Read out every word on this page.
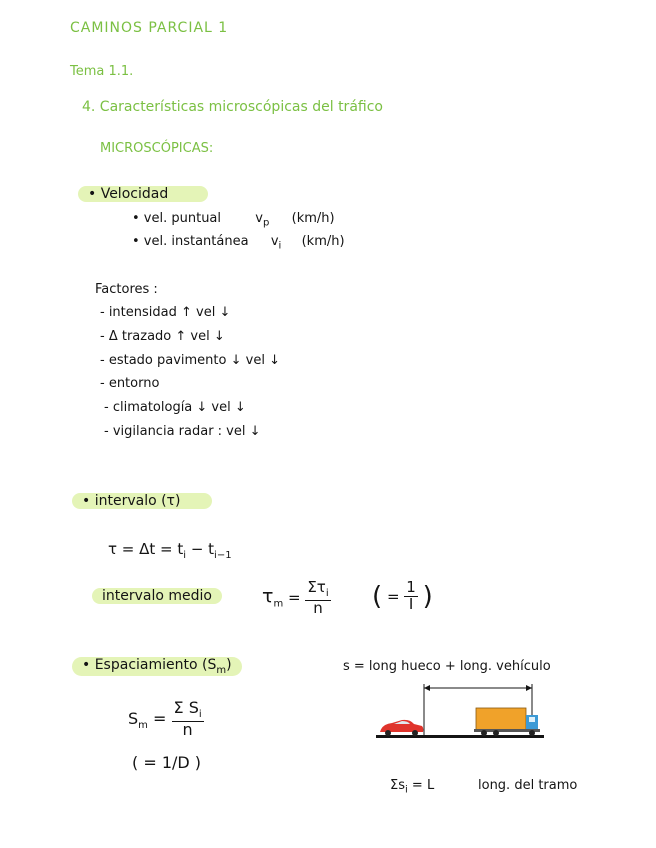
CAMINOS PARCIAL 1
Tema 1.1.
4. Características microscópicas del tráfico
MICROSCÓPICAS:
• Velocidad
• vel. puntual	$v_p$ (km/h)
• vel. instantánea $v_i$ (km/h)
Factores :
- intensidad ↑ vel ↓
- Δ trazado ↑ vel ↓
- estado pavimento ↓ vel ↓
- entorno
- climatología ↓ vel ↓
- vigilancia radar : vel ↓
• intervalo (τ)
$\tau = \Delta t = t_i - t_{i-1}$
intervalo medio	$\tau_m = \frac{\Sigma\tau_i}{n}$ ( = $\frac{1}{I}$ )
• Espaciamiento $(S_m)$	s = long hueco + long. vehículo
$S_m = \frac{\Sigma S_i}{n}$
( = 1/D )
$\Sigma s_i = L$	long. del tramo
